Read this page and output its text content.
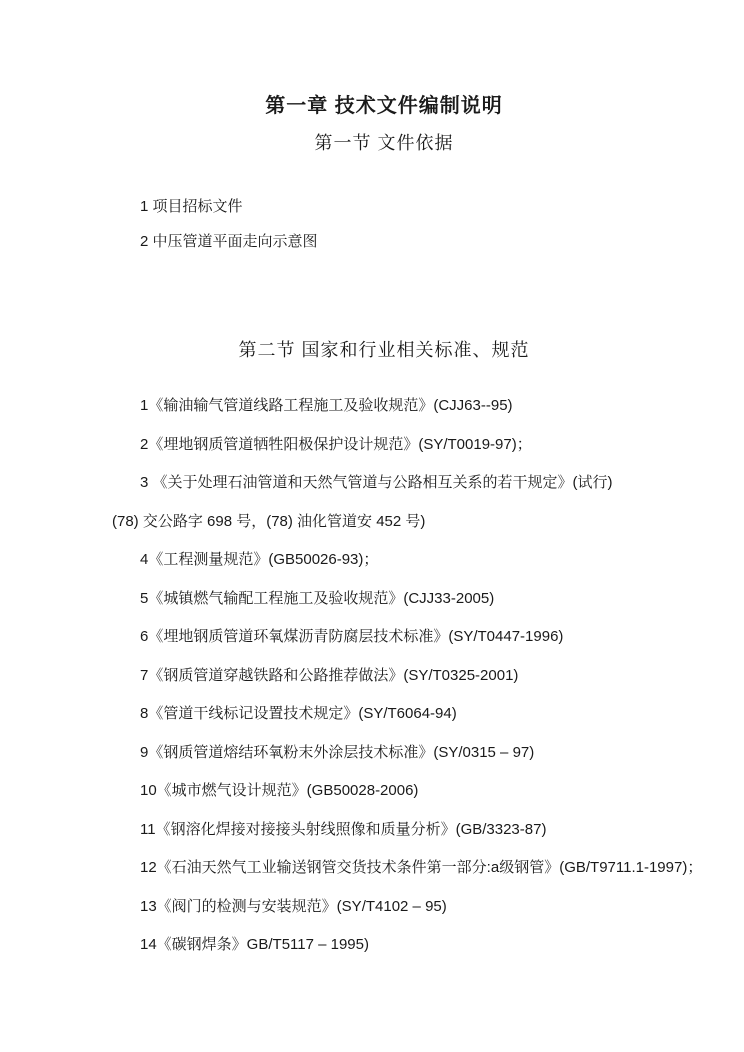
第一章 技术文件编制说明
第一节 文件依据

1 项目招标文件

2 中压管道平面走向示意图

第二节 国家和行业相关标准、规范

1《输油输气管道线路工程施工及验收规范》(CJJ63--95)

2《埋地钢质管道牺牲阳极保护设计规范》(SY/T0019-97)；

3 《关于处理石油管道和天然气管道与公路相互关系的若干规定》(试行)

(78) 交公路字 698 号，(78) 油化管道安 452 号)

4《工程测量规范》(GB50026-93)；

5《城镇燃气输配工程施工及验收规范》(CJJ33-2005)

6《埋地钢质管道环氧煤沥青防腐层技术标准》(SY/T0447-1996)

7《钢质管道穿越铁路和公路推荐做法》(SY/T0325-2001)

8《管道干线标记设置技术规定》(SY/T6064-94)

9《钢质管道熔结环氧粉末外涂层技术标准》(SY/0315 – 97)

10《城市燃气设计规范》(GB50028-2006)

11《钢溶化焊接对接接头射线照像和质量分析》(GB/3323-87)

12《石油天然气工业输送钢管交货技术条件第一部分:a级钢管》(GB/T9711.1-1997)；

13《阀门的检测与安装规范》(SY/T4102 – 95)

14《碳钢焊条》GB/T5117 – 1995)
